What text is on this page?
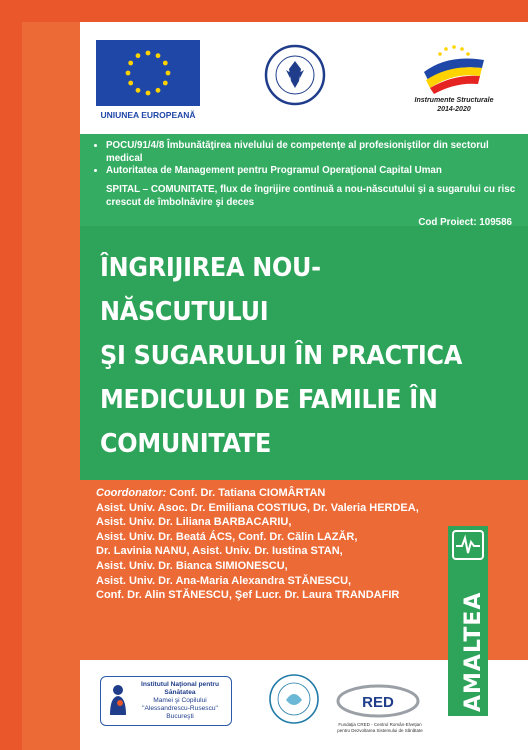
UNIUNEA EUROPEANĂ
Instrumente Structurale
2014-2020
• POCU/91/4/8 Îmbunătăţirea nivelului de competenţe al profesioniştilor din sectorul medical
• Autoritatea de Management pentru Programul Operaţional Capital Uman
SPITAL – COMUNITATE, flux de îngrijire continuă a nou-născutului şi a sugarului cu risc crescut de îmbolnăvire şi deces
Cod Proiect: 109586
ÎNGRIJIREA NOU-NĂSCUTULUI
ŞI SUGARULUI ÎN PRACTICA
MEDICULUI DE FAMILIE ÎN
COMUNITATE
Coordonator: Conf. Dr. Tatiana CIOMÂRTAN
Asist. Univ. Asoc. Dr. Emiliana COSTIUG, Dr. Valeria HERDEA,
Asist. Univ. Dr. Liliana BARBACARIU,
Asist. Univ. Dr. Beatá ÁCS, Conf. Dr. Călin LAZĂR,
Dr. Lavinia NANU, Asist. Univ. Dr. Iustina STAN,
Asist. Univ. Dr. Bianca SIMIONESCU,
Asist. Univ. Dr. Ana-Maria Alexandra STĂNESCU,
Conf. Dr. Alin STĂNESCU, Şef Lucr. Dr. Laura TRANDAFIR	AMALTEA
Institutul Naţional pentru Sănătatea
Mamei şi Copilului
"Alessandrescu-Rusescu" Bucureşti
RED
Fundaţia CRED - Centrul Român-Elveţian pentru Dezvoltarea Sistemului de Sănătate
